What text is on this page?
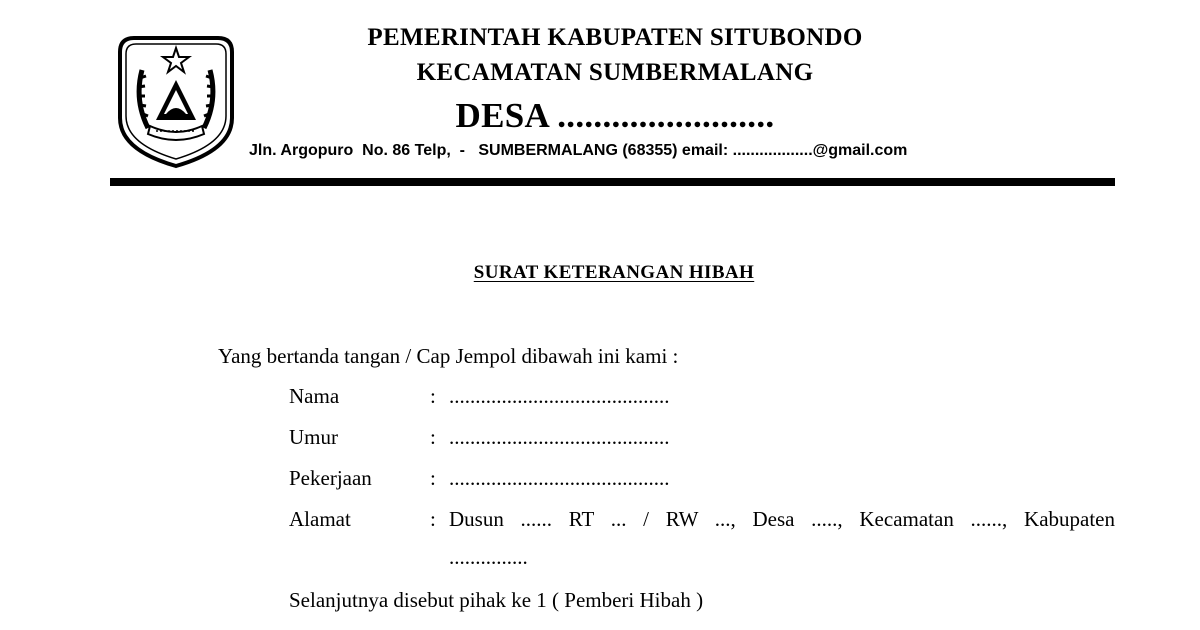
PEMERINTAH KABUPATEN SITUBONDO
KECAMATAN SUMBERMALANG
DESA ........................
Jln. Argopuro  No. 86 Telp,  -   SUMBERMALANG (68355) email: ..................@gmail.com
SURAT KETERANGAN HIBAH
Yang bertanda tangan / Cap Jempol dibawah ini kami :
Nama	: ..........................................
Umur	: ..........................................
Pekerjaan	: ..........................................
Alamat	: Dusun ...... RT ... / RW ..., Desa ....., Kecamatan ......, Kabupaten
...............
Selanjutnya disebut pihak ke 1 ( Pemberi Hibah )
